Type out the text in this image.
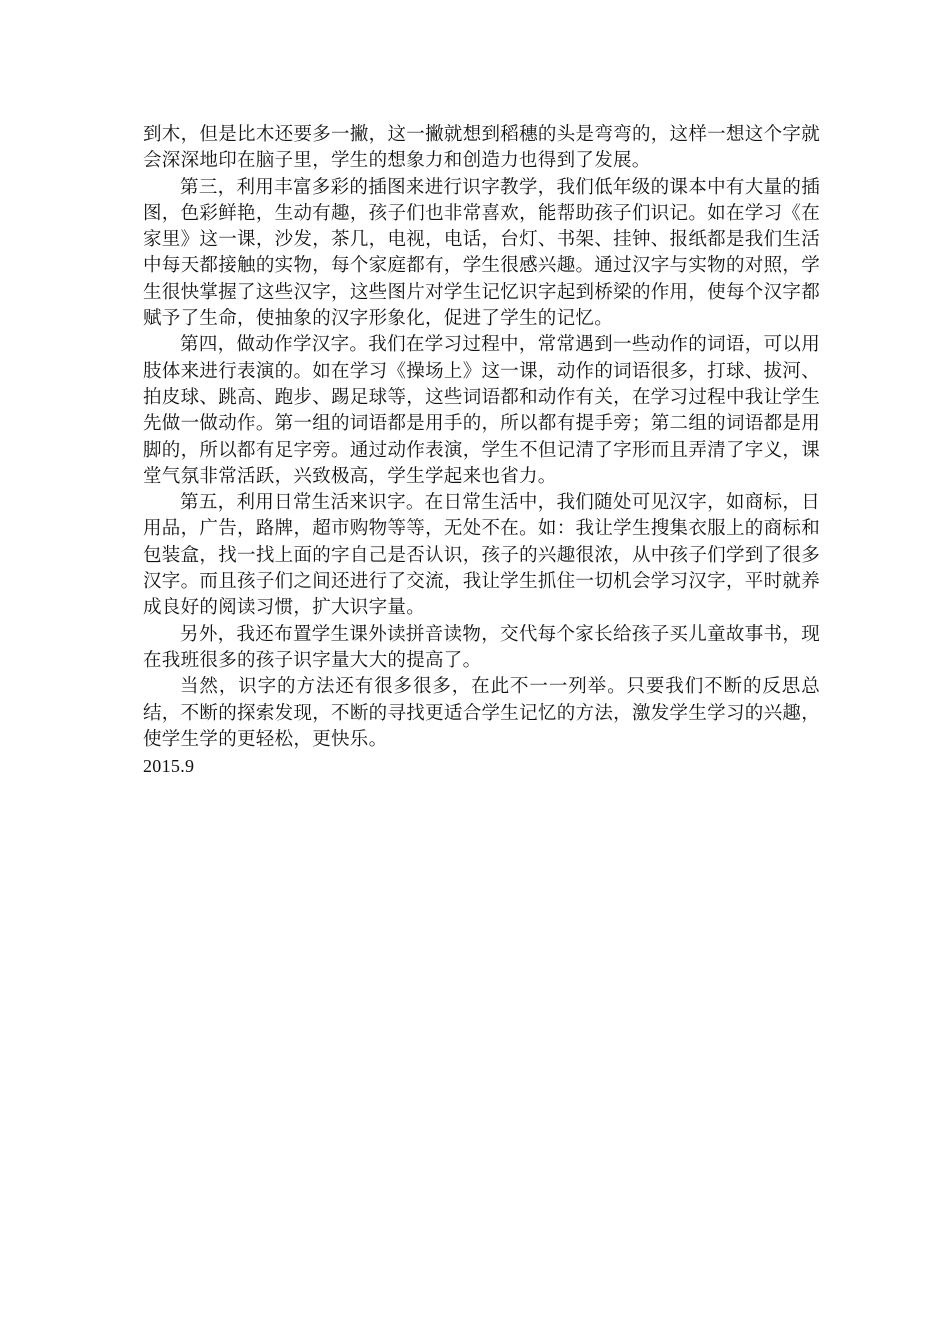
到木，但是比木还要多一撇，这一撇就想到稻穗的头是弯弯的，这样一想这个字就会深深地印在脑子里，学生的想象力和创造力也得到了发展。

第三，利用丰富多彩的插图来进行识字教学，我们低年级的课本中有大量的插图，色彩鲜艳，生动有趣，孩子们也非常喜欢，能帮助孩子们识记。如在学习《在家里》这一课，沙发，茶几，电视，电话，台灯、书架、挂钟、报纸都是我们生活中每天都接触的实物，每个家庭都有，学生很感兴趣。通过汉字与实物的对照，学生很快掌握了这些汉字，这些图片对学生记忆识字起到桥梁的作用，使每个汉字都赋予了生命，使抽象的汉字形象化，促进了学生的记忆。

第四，做动作学汉字。我们在学习过程中，常常遇到一些动作的词语，可以用肢体来进行表演的。如在学习《操场上》这一课，动作的词语很多，打球、拔河、拍皮球、跳高、跑步、踢足球等，这些词语都和动作有关，在学习过程中我让学生先做一做动作。第一组的词语都是用手的，所以都有提手旁；第二组的词语都是用脚的，所以都有足字旁。通过动作表演，学生不但记清了字形而且弄清了字义，课堂气氛非常活跃，兴致极高，学生学起来也省力。

第五，利用日常生活来识字。在日常生活中，我们随处可见汉字，如商标，日用品，广告，路牌，超市购物等等，无处不在。如：我让学生搜集衣服上的商标和包装盒，找一找上面的字自己是否认识，孩子的兴趣很浓，从中孩子们学到了很多汉字。而且孩子们之间还进行了交流，我让学生抓住一切机会学习汉字，平时就养成良好的阅读习惯，扩大识字量。

另外，我还布置学生课外读拼音读物，交代每个家长给孩子买儿童故事书，现在我班很多的孩子识字量大大的提高了。

当然，识字的方法还有很多很多，在此不一一列举。只要我们不断的反思总结，不断的探索发现，不断的寻找更适合学生记忆的方法，激发学生学习的兴趣，使学生学的更轻松，更快乐。

2015.9
